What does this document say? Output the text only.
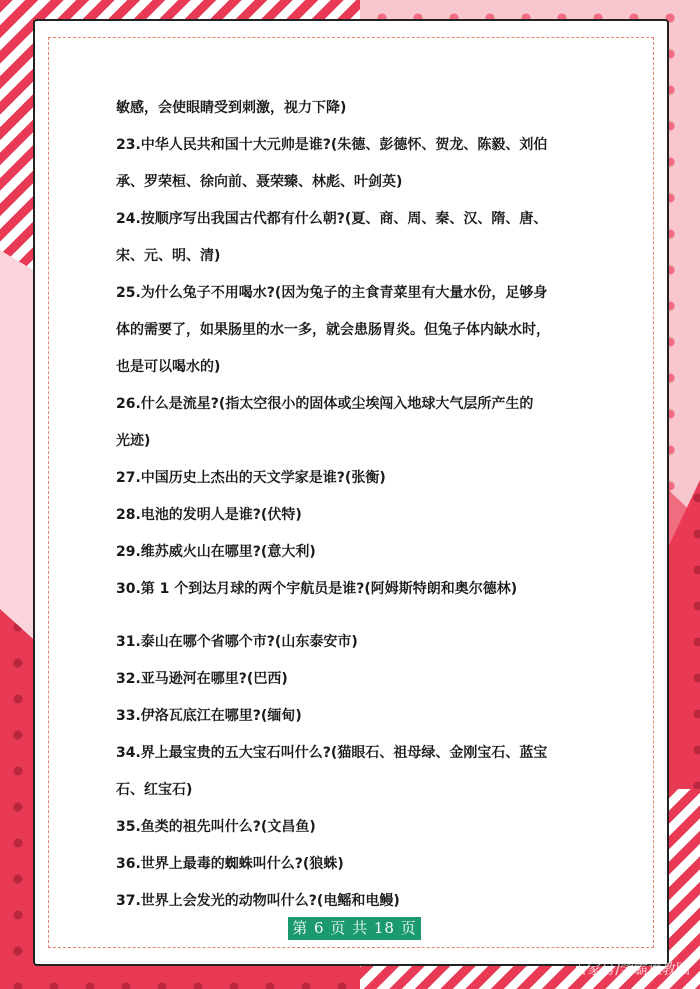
敏感，会使眼睛受到刺激，视力下降)

23.中华人民共和国十大元帅是谁?(朱德、彭德怀、贺龙、陈毅、刘伯

承、罗荣桓、徐向前、聂荣臻、林彪、叶剑英)

24.按顺序写出我国古代都有什么朝?(夏、商、周、秦、汉、隋、唐、

宋、元、明、清)

25.为什么兔子不用喝水?(因为兔子的主食青菜里有大量水份，足够身

体的需要了，如果肠里的水一多，就会患肠胃炎。但兔子体内缺水时，

也是可以喝水的)

26.什么是流星?(指太空很小的固体或尘埃闯入地球大气层所产生的

光迹)

27.中国历史上杰出的天文学家是谁?(张衡)

28.电池的发明人是谁?(伏特)

29.维苏威火山在哪里?(意大利)

30.第 1 个到达月球的两个宇航员是谁?(阿姆斯特朗和奥尔德林)

31.泰山在哪个省哪个市?(山东泰安市)

32.亚马逊河在哪里?(巴西)

33.伊洛瓦底江在哪里?(缅甸)

34.界上最宝贵的五大宝石叫什么?(猫眼石、祖母绿、金刚宝石、蓝宝

石、红宝石)

35.鱼类的祖先叫什么?(文昌鱼)

36.世界上最毒的蜘蛛叫什么?(狼蛛)

37.世界上会发光的动物叫什么?(电鳐和电鳗)

第 6 页 共 18 页
百家号/学霸说教圈
